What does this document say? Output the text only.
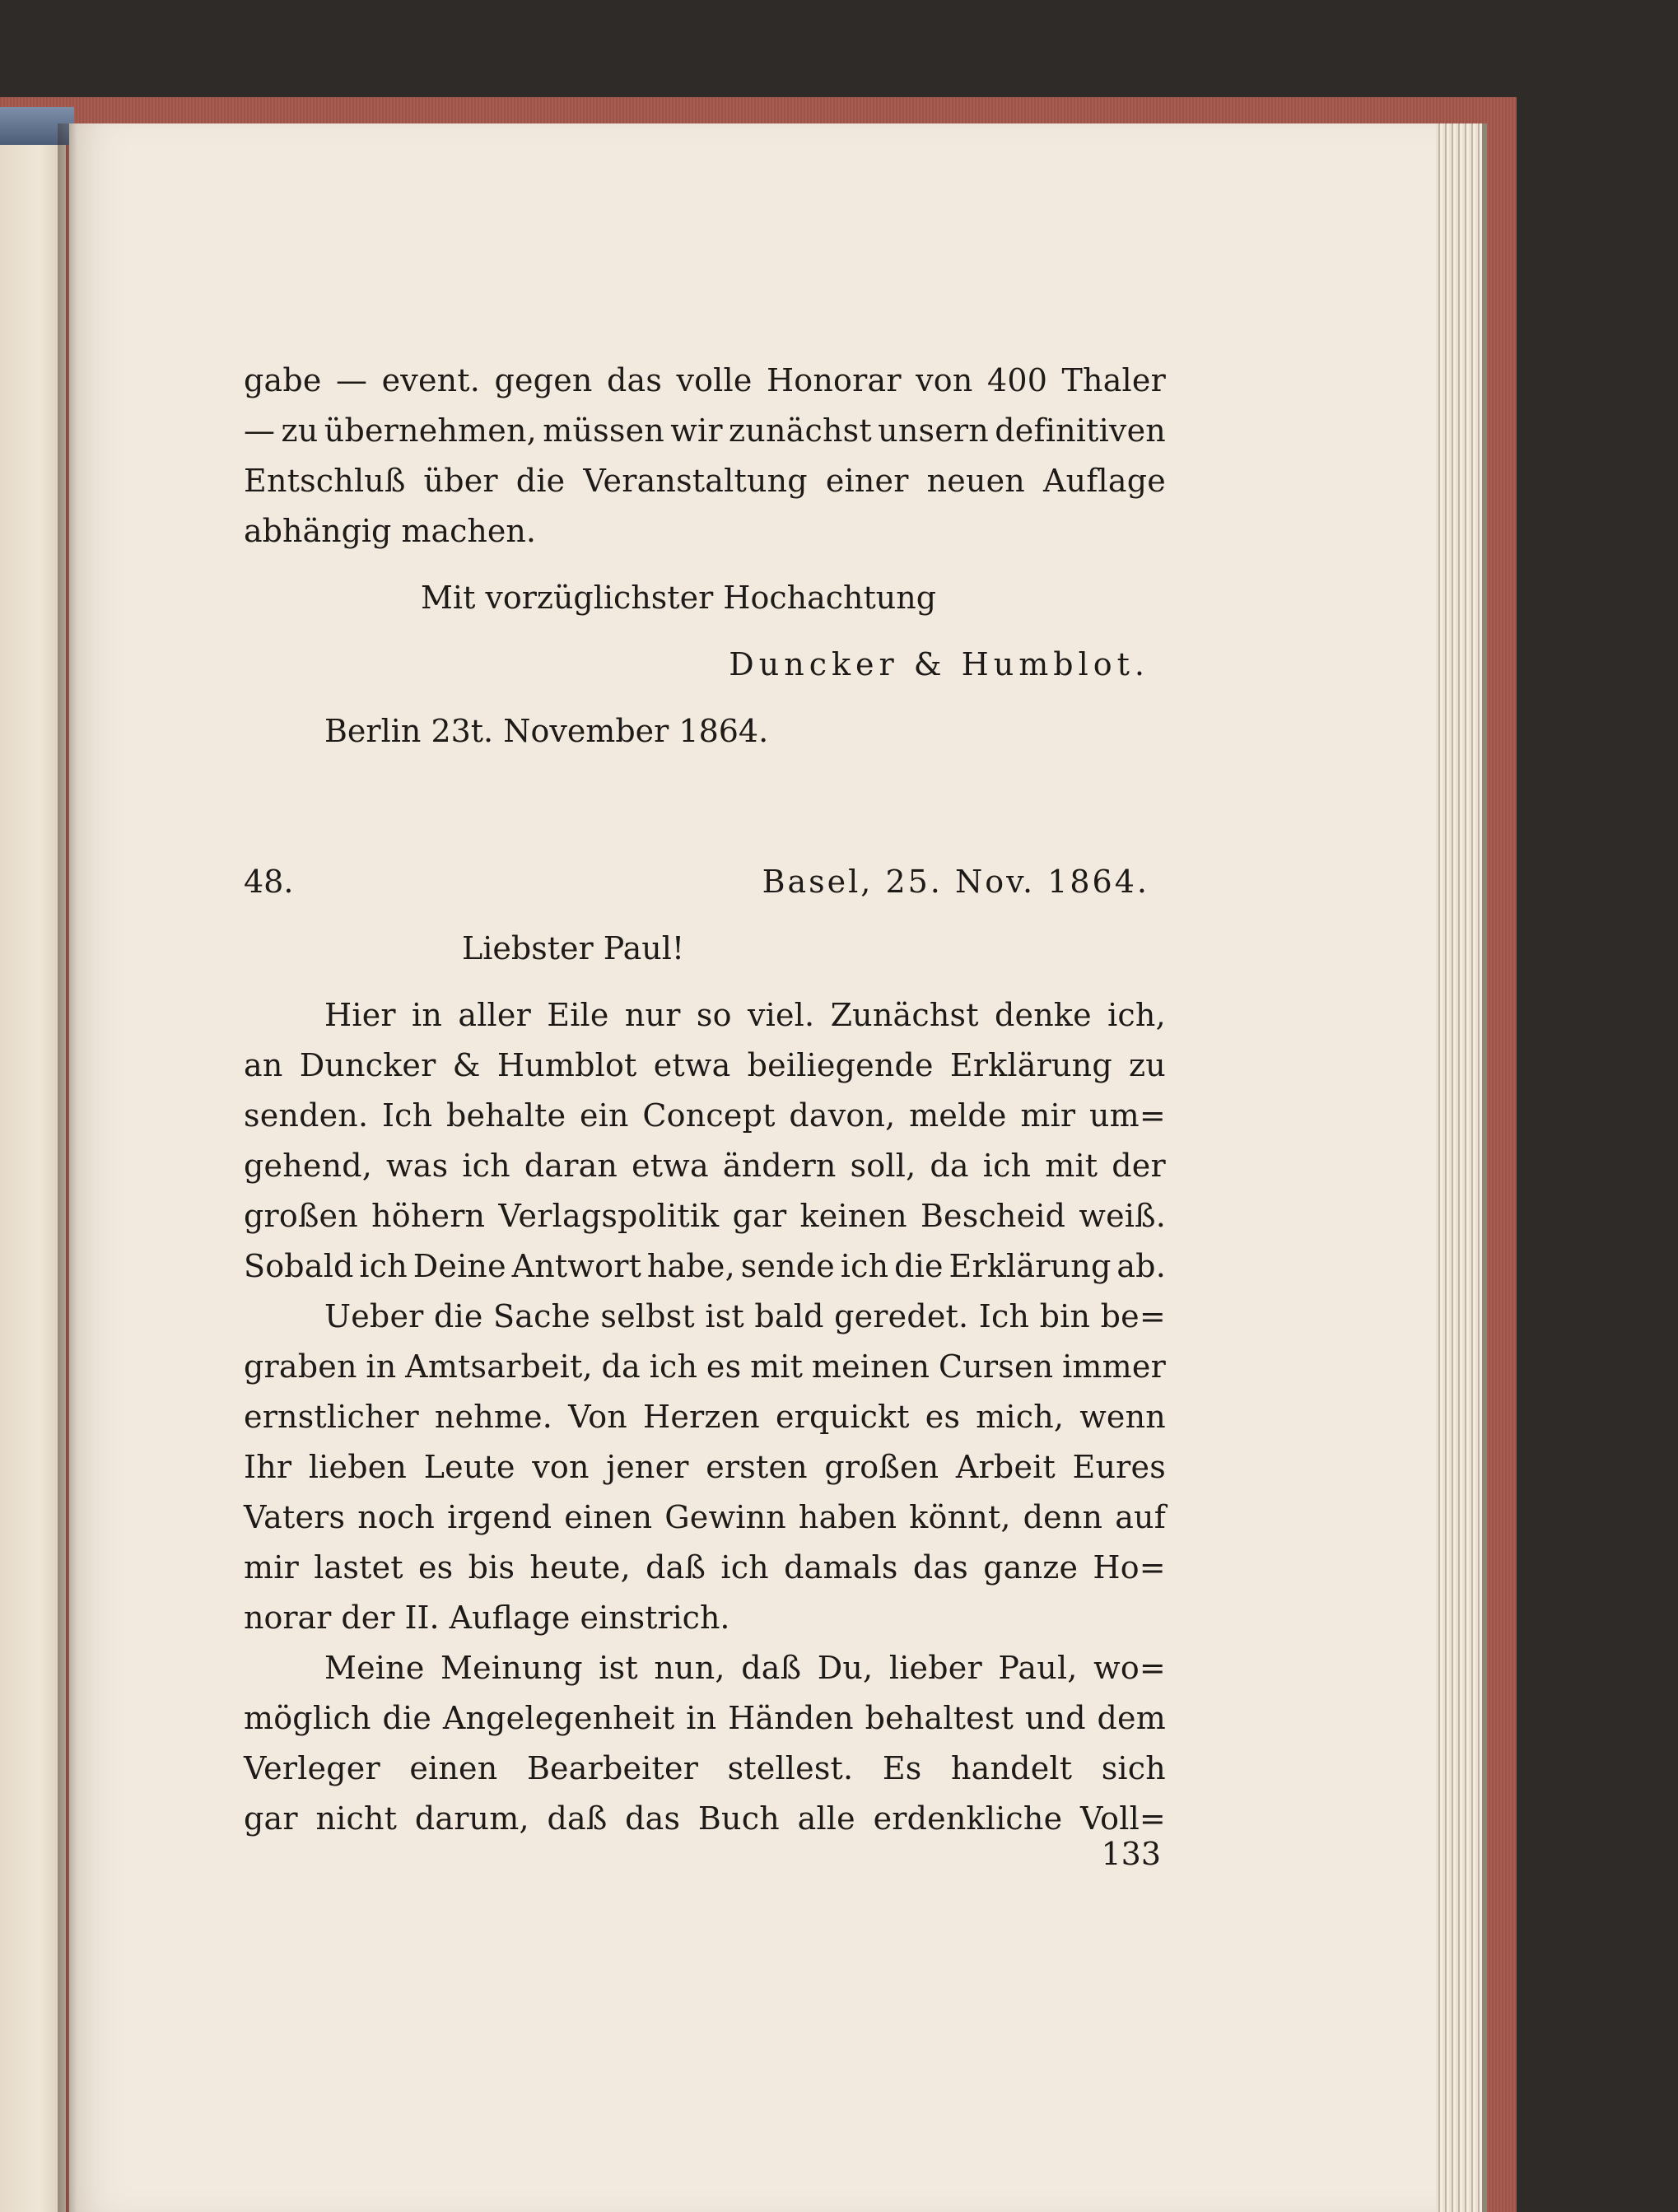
gabe — event. gegen das volle Honorar von 400 Thaler
— zu übernehmen, müssen wir zunächst unsern definitiven
Entschluß über die Veranstaltung einer neuen Auflage
abhängig machen.
Mit vorzüglichster Hochachtung
Duncker & Humblot.
Berlin 23t. November 1864.
48.	Basel, 25. Nov. 1864.
Liebster Paul!
Hier in aller Eile nur so viel. Zunächst denke ich,
an Duncker & Humblot etwa beiliegende Erklärung zu
senden. Ich behalte ein Concept davon, melde mir um=
gehend, was ich daran etwa ändern soll, da ich mit der
großen höhern Verlagspolitik gar keinen Bescheid weiß.
Sobald ich Deine Antwort habe, sende ich die Erklärung ab.
Ueber die Sache selbst ist bald geredet. Ich bin be=
graben in Amtsarbeit, da ich es mit meinen Cursen immer
ernstlicher nehme. Von Herzen erquickt es mich, wenn
Ihr lieben Leute von jener ersten großen Arbeit Eures
Vaters noch irgend einen Gewinn haben könnt, denn auf
mir lastet es bis heute, daß ich damals das ganze Ho=
norar der II. Auflage einstrich.
Meine Meinung ist nun, daß Du, lieber Paul, wo=
möglich die Angelegenheit in Händen behaltest und dem
Verleger einen Bearbeiter stellest. Es handelt sich
gar nicht darum, daß das Buch alle erdenkliche Voll=
133
